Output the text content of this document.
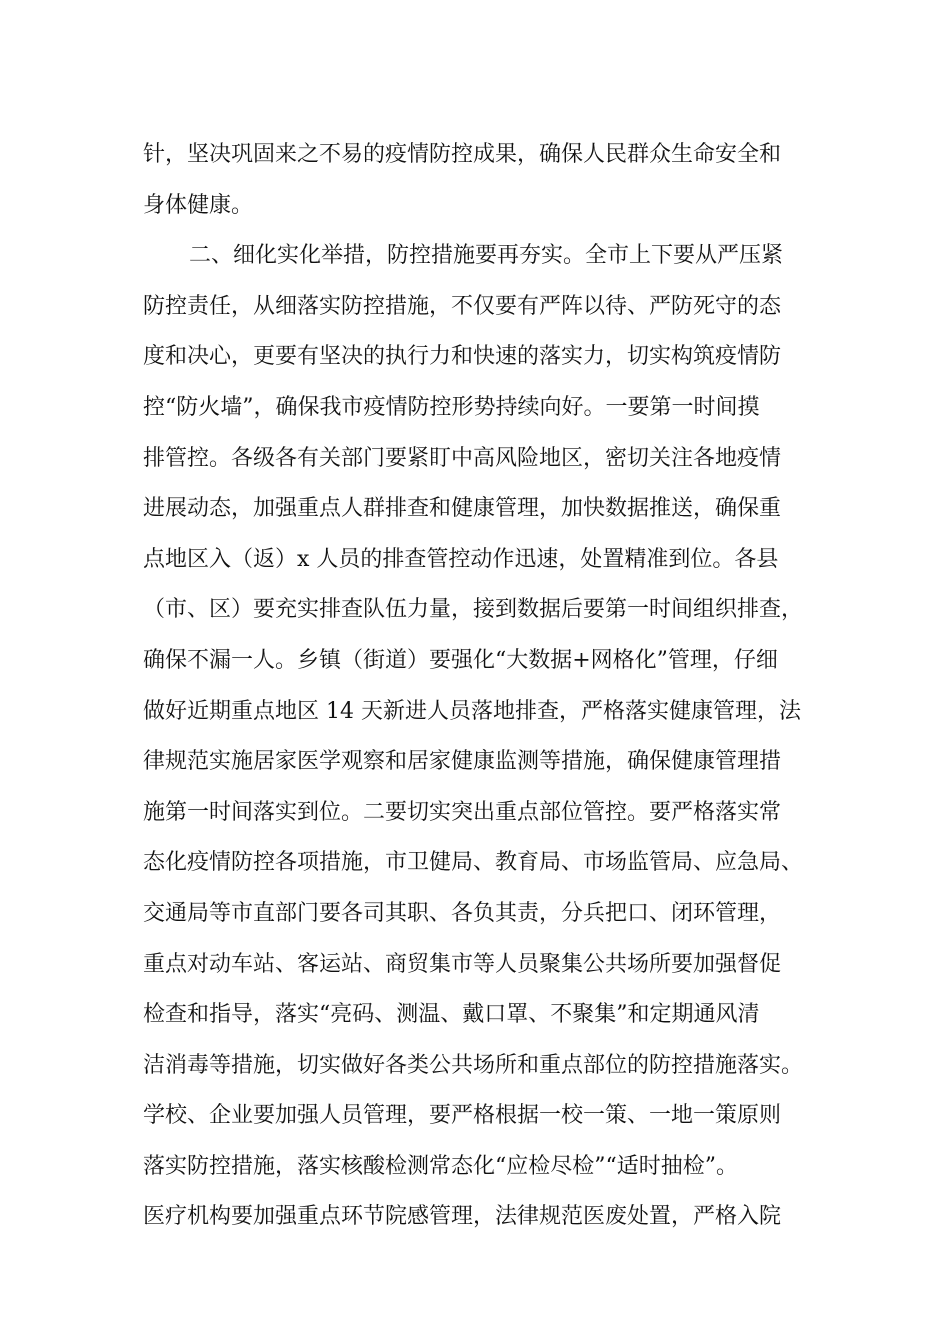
针，坚决巩固来之不易的疫情防控成果，确保人民群众生命安全和
身体健康。
二、细化实化举措，防控措施要再夯实。全市上下要从严压紧
防控责任，从细落实防控措施，不仅要有严阵以待、严防死守的态
度和决心，更要有坚决的执行力和快速的落实力，切实构筑疫情防
控“防火墙”，确保我市疫情防控形势持续向好。一要第一时间摸
排管控。各级各有关部门要紧盯中高风险地区，密切关注各地疫情
进展动态，加强重点人群排查和健康管理，加快数据推送，确保重
点地区入（返）x 人员的排查管控动作迅速，处置精准到位。各县
（市、区）要充实排查队伍力量，接到数据后要第一时间组织排查，
确保不漏一人。乡镇（街道）要强化“大数据+网格化”管理，仔细
做好近期重点地区 14 天新进人员落地排查，严格落实健康管理，法
律规范实施居家医学观察和居家健康监测等措施，确保健康管理措
施第一时间落实到位。二要切实突出重点部位管控。要严格落实常
态化疫情防控各项措施，市卫健局、教育局、市场监管局、应急局、
交通局等市直部门要各司其职、各负其责，分兵把口、闭环管理，
重点对动车站、客运站、商贸集市等人员聚集公共场所要加强督促
检查和指导，落实“亮码、测温、戴口罩、不聚集”和定期通风清
洁消毒等措施，切实做好各类公共场所和重点部位的防控措施落实。
学校、企业要加强人员管理，要严格根据一校一策、一地一策原则
落实防控措施，落实核酸检测常态化“应检尽检”“适时抽检”。
医疗机构要加强重点环节院感管理，法律规范医废处置，严格入院
